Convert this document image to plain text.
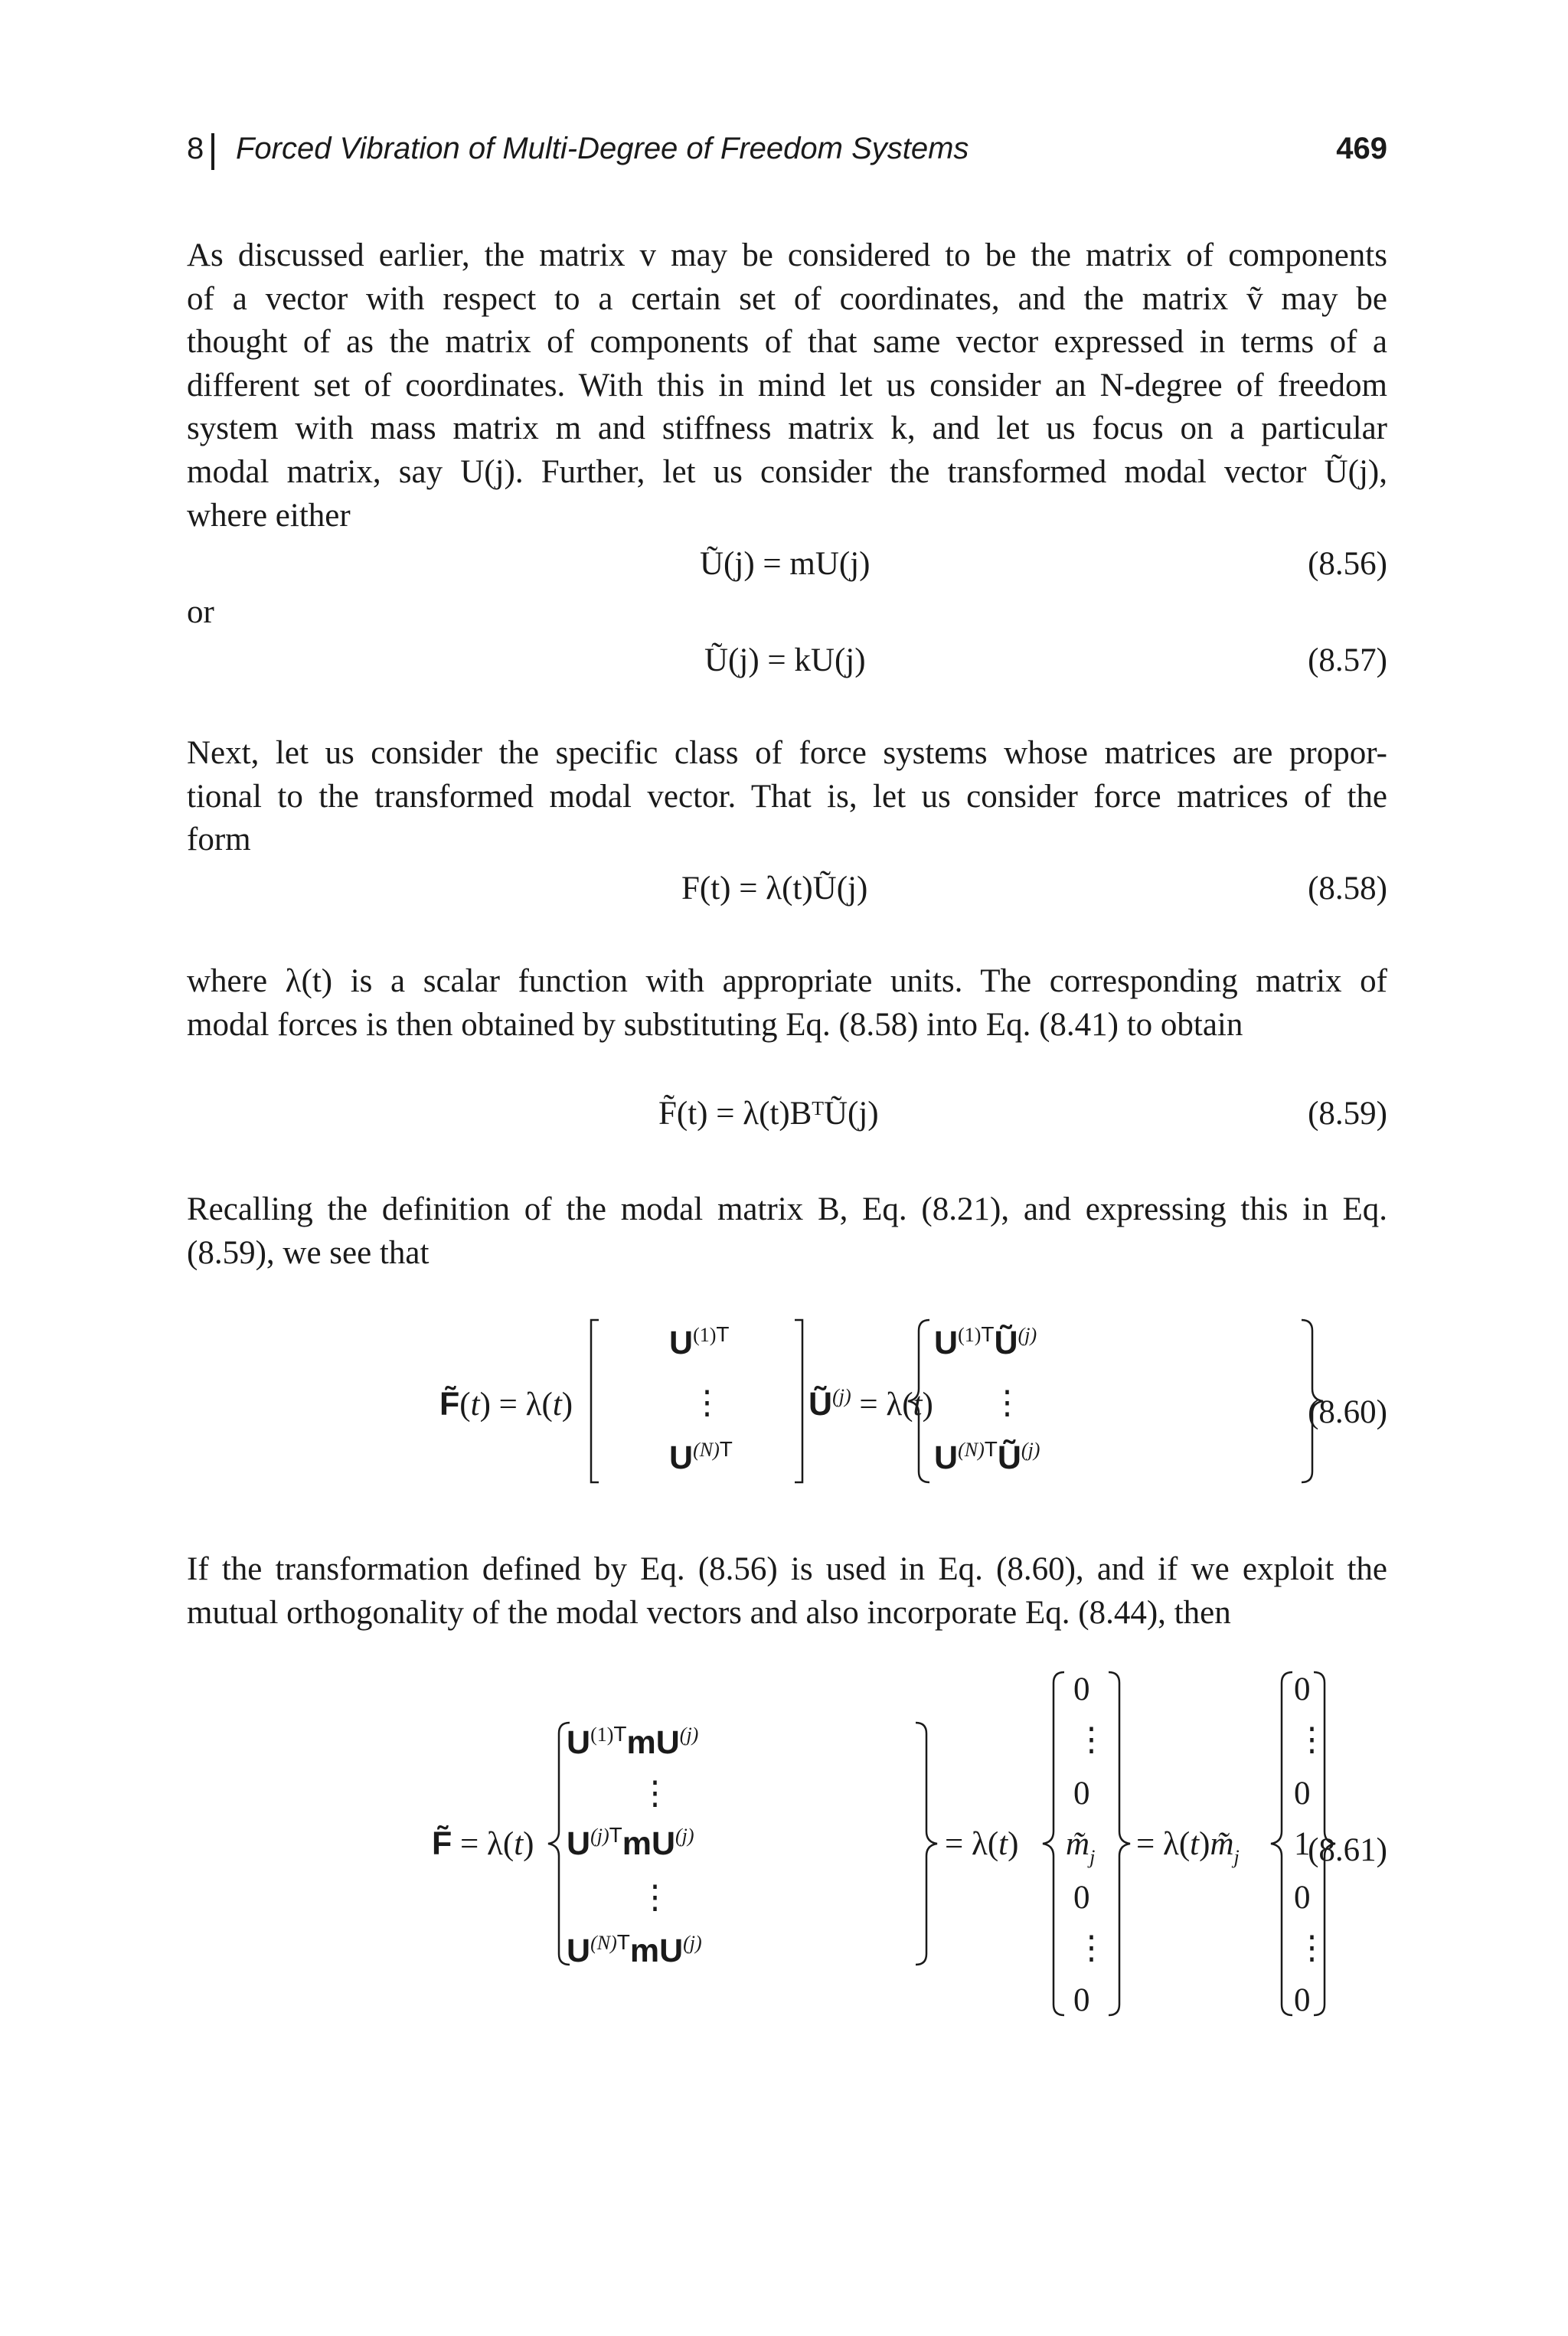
8 Forced Vibration of Multi-Degree of Freedom Systems	469
As discussed earlier, the matrix v may be considered to be the matrix of components
of a vector with respect to a certain set of coordinates, and the matrix ṽ may be
thought of as the matrix of components of that same vector expressed in terms of a
different set of coordinates. With this in mind let us consider an N-degree of freedom
system with mass matrix m and stiffness matrix k, and let us focus on a particular
modal matrix, say U(j). Further, let us consider the transformed modal vector Ũ(j),
where either
Ũ(j) = mU(j)	(8.56)
or
Ũ(j) = kU(j)	(8.57)
Next, let us consider the specific class of force systems whose matrices are propor-
tional to the transformed modal vector. That is, let us consider force matrices of the
form
F(t) = λ(t)Ũ(j)	(8.58)
where λ(t) is a scalar function with appropriate units. The corresponding matrix of
modal forces is then obtained by substituting Eq. (8.58) into Eq. (8.41) to obtain
F̃(t) = λ(t)BᵀŨ(j)	(8.59)
Recalling the definition of the modal matrix B, Eq. (8.21), and expressing this in Eq.
(8.59), we see that
F̃(t) = λ(t)
$U^{(1)}T$
⋮
$U^{(N)}T$
$Ũ^{(j)} = \lambda(t)$
$U^{(1)}TŨ^{(j)}$
⋮
$U^{(N)}TŨ^{(j)}$
(8.60)
If the transformation defined by Eq. (8.56) is used in Eq. (8.60), and if we exploit the
mutual orthogonality of the modal vectors and also incorporate Eq. (8.44), then
F̃ = λ(t)
$U^{(1)}TmU^{(j)}$
⋮
$U^{(j)}TmU^{(j)}$
⋮
$U^{(N)}TmU^{(j)}$
= λ(t)
0
⋮
0
$m̃_j$
0
⋮
0
= $\lambda(t)m̃_j$
0
⋮
0
1
0
⋮
0
(8.61)
